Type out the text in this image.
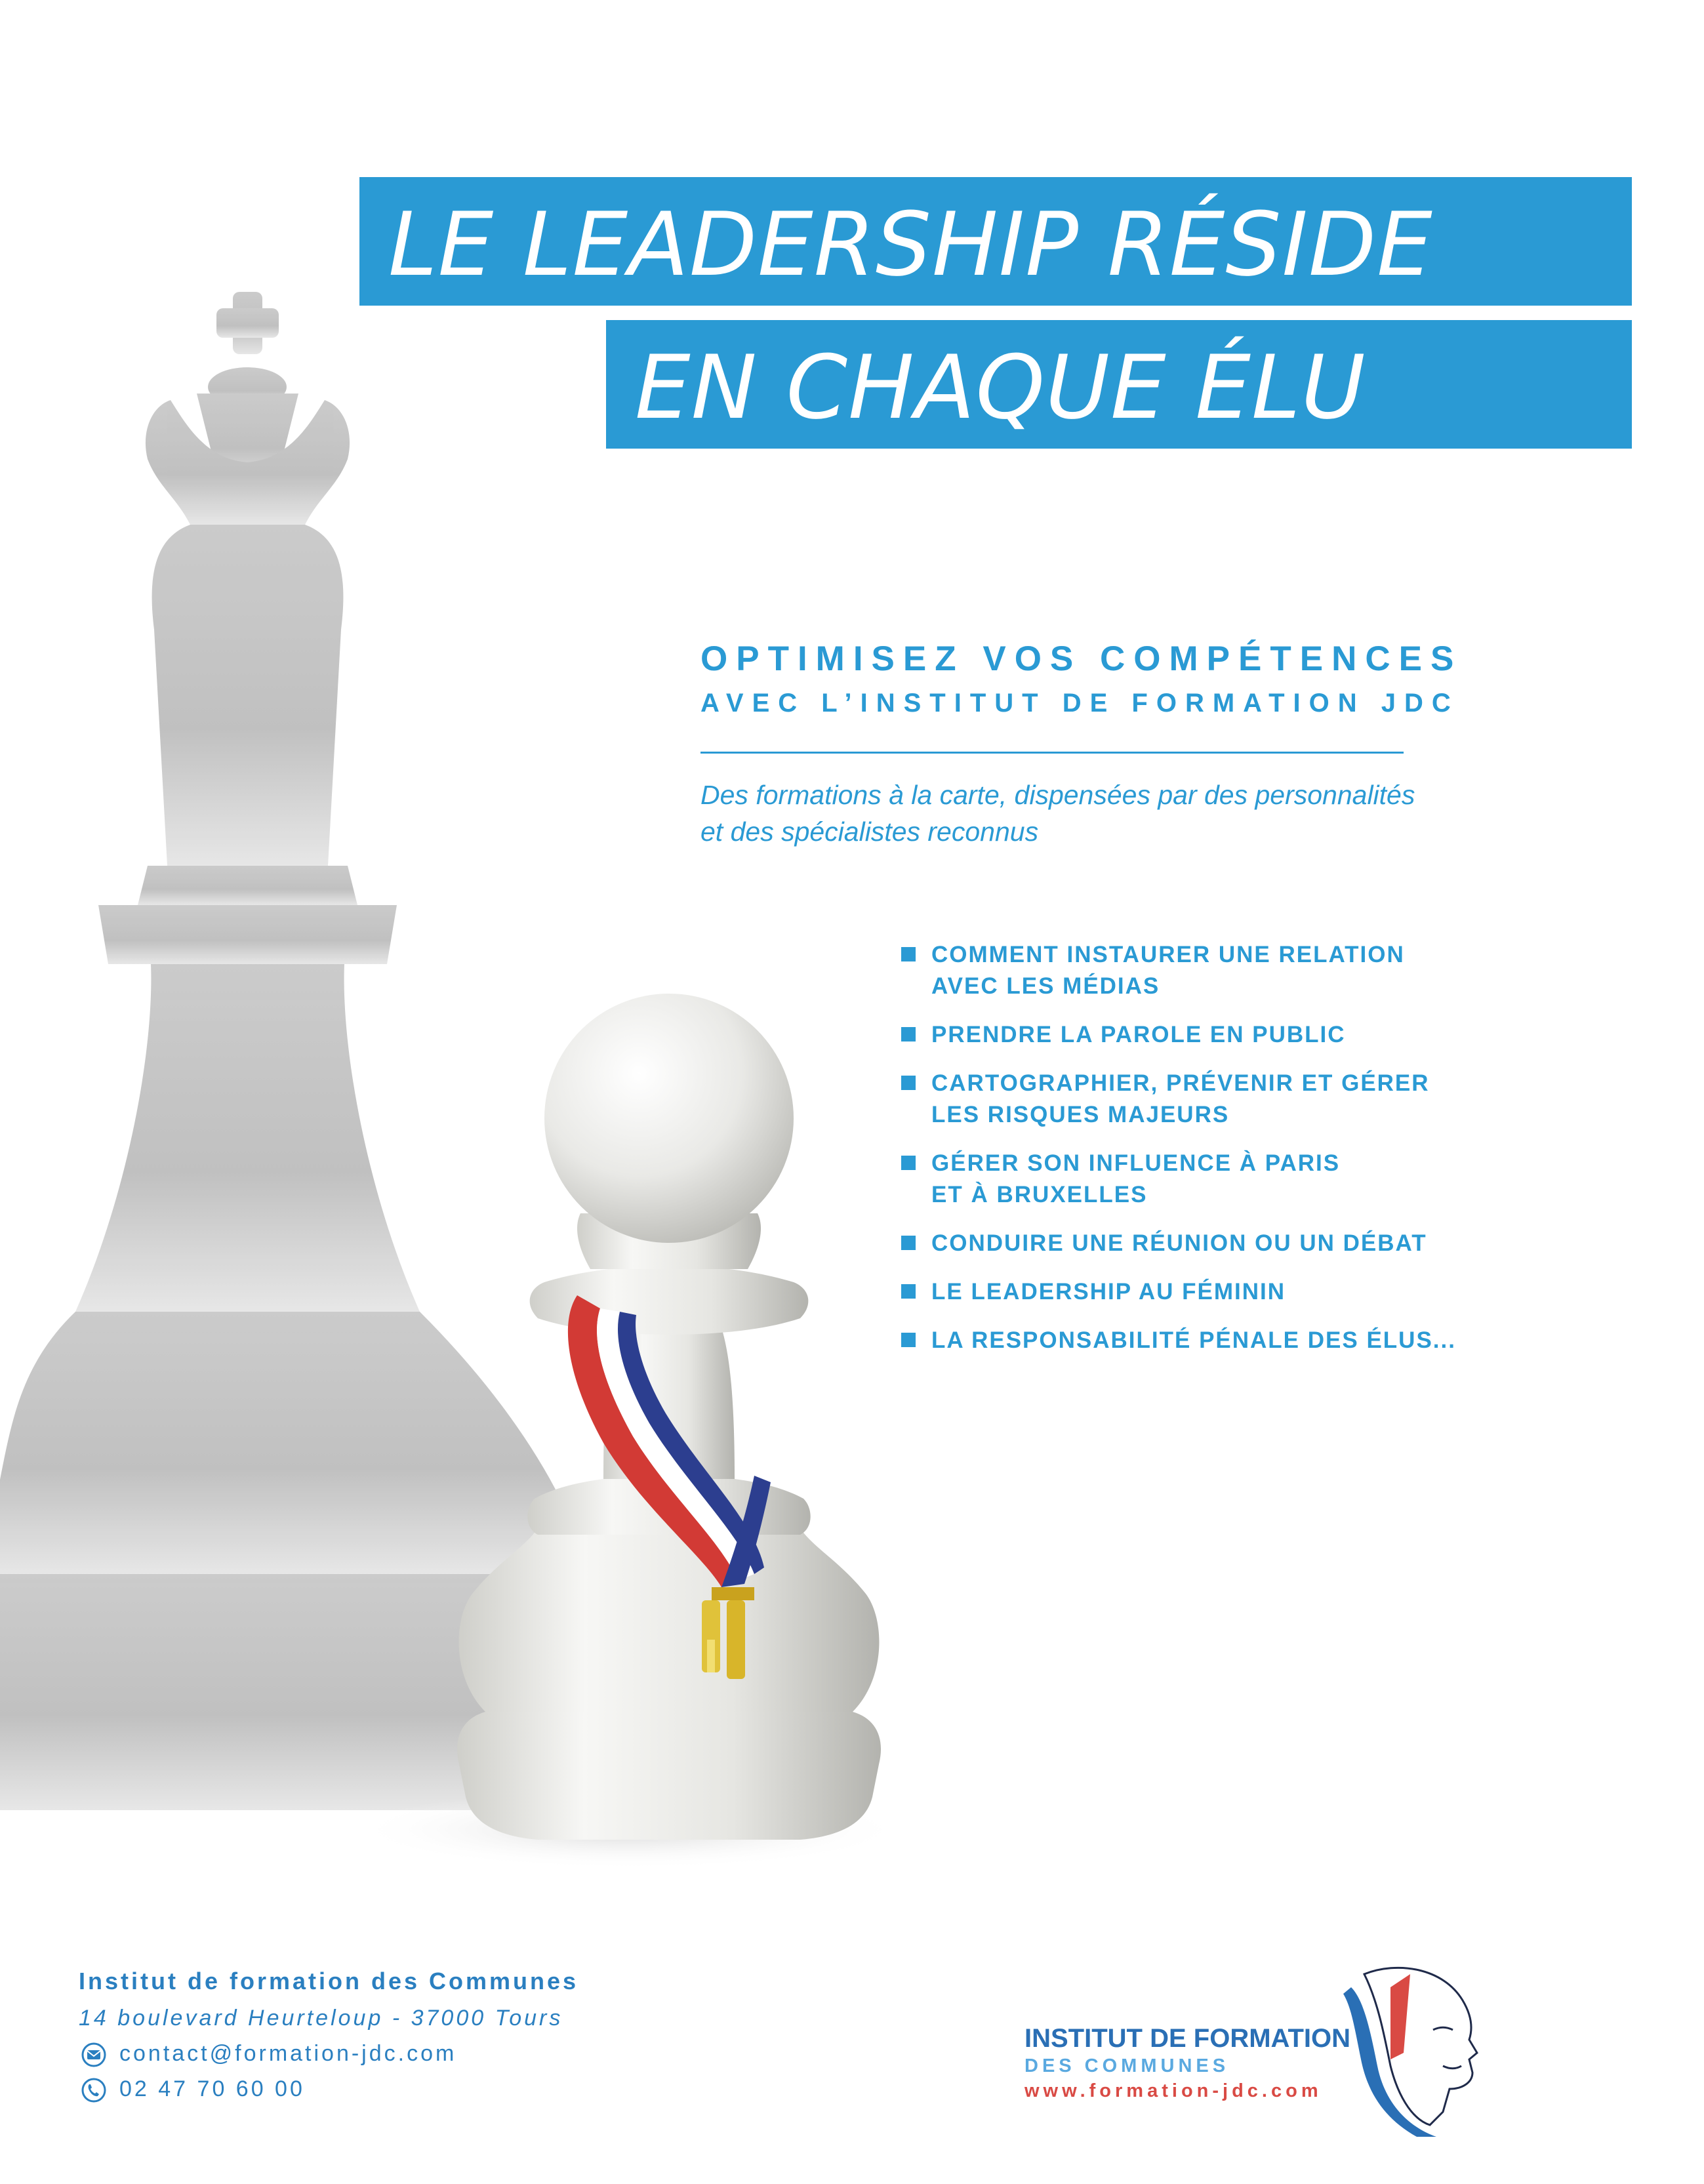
LE LEADERSHIP RÉSIDE
EN CHAQUE ÉLU
OPTIMISEZ VOS COMPÉTENCES
AVEC L’INSTITUT DE FORMATION JDC
Des formations à la carte, dispensées par des personnalités
et des spécialistes reconnus
COMMENT INSTAURER UNE RELATION
AVEC LES MÉDIAS
PRENDRE LA PAROLE EN PUBLIC
CARTOGRAPHIER, PRÉVENIR ET GÉRER
LES RISQUES MAJEURS
GÉRER SON INFLUENCE À PARIS
ET À BRUXELLES
CONDUIRE UNE RÉUNION OU UN DÉBAT
LE LEADERSHIP AU FÉMININ
LA RESPONSABILITÉ PÉNALE DES ÉLUS...
Institut de formation des Communes
14 boulevard Heurteloup - 37000 Tours
contact@formation-jdc.com
02 47 70 60 00
INSTITUT DE FORMATION
DES COMMUNES
www.formation-jdc.com
